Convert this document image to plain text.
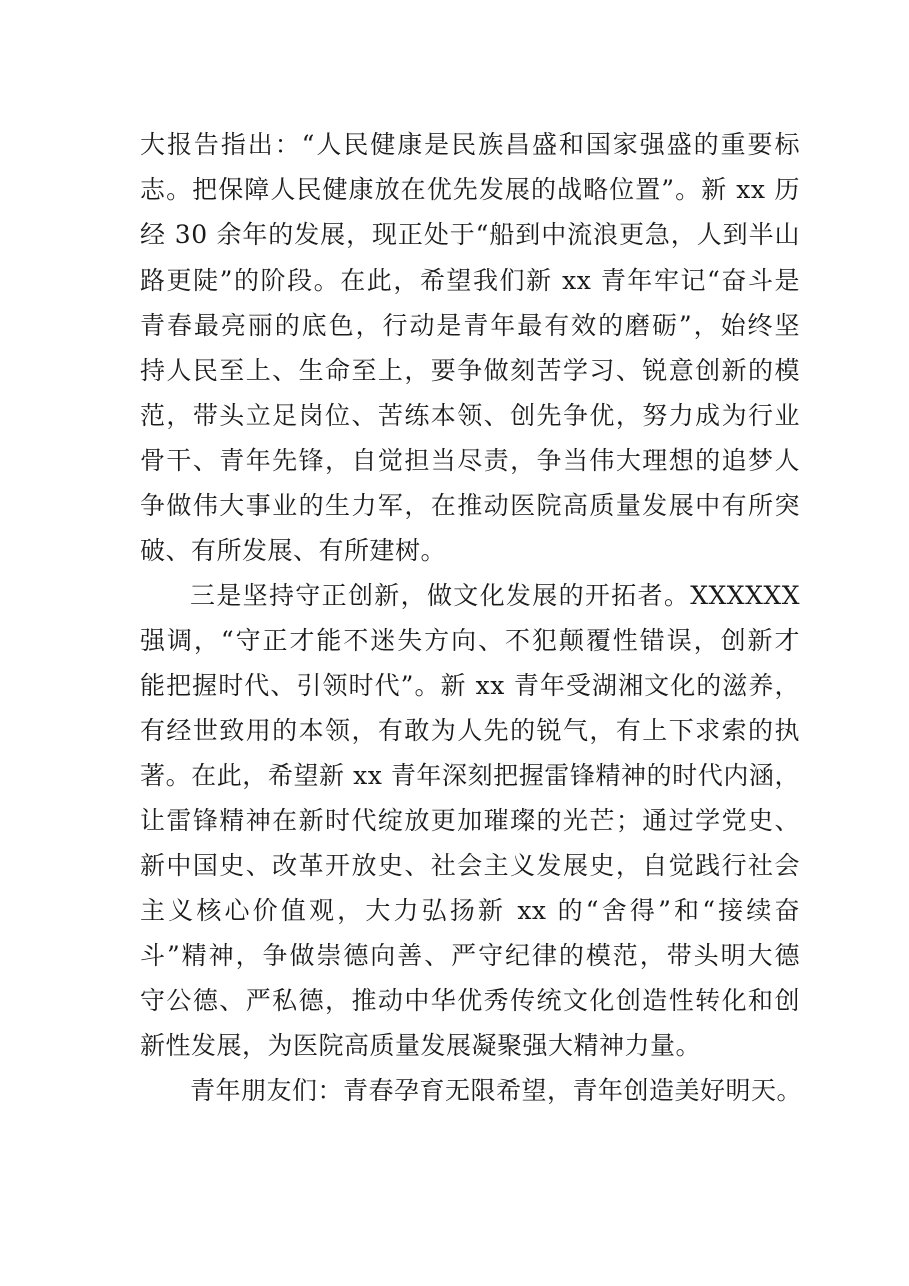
大报告指出：“人民健康是民族昌盛和国家强盛的重要标
志。把保障人民健康放在优先发展的战略位置”。新 xx 历
经 30 余年的发展，现正处于“船到中流浪更急，人到半山
路更陡”的阶段。在此，希望我们新 xx 青年牢记“奋斗是
青春最亮丽的底色，行动是青年最有效的磨砺”，始终坚
持人民至上、生命至上，要争做刻苦学习、锐意创新的模
范，带头立足岗位、苦练本领、创先争优，努力成为行业
骨干、青年先锋，自觉担当尽责，争当伟大理想的追梦人
争做伟大事业的生力军，在推动医院高质量发展中有所突
破、有所发展、有所建树。
三是坚持守正创新，做文化发展的开拓者。XXXXXX
强调，“守正才能不迷失方向、不犯颠覆性错误，创新才
能把握时代、引领时代”。新 xx 青年受湖湘文化的滋养，
有经世致用的本领，有敢为人先的锐气，有上下求索的执
著。在此，希望新 xx 青年深刻把握雷锋精神的时代内涵，
让雷锋精神在新时代绽放更加璀璨的光芒；通过学党史、
新中国史、改革开放史、社会主义发展史，自觉践行社会
主义核心价值观，大力弘扬新 xx 的“舍得”和“接续奋
斗”精神，争做崇德向善、严守纪律的模范，带头明大德
守公德、严私德，推动中华优秀传统文化创造性转化和创
新性发展，为医院高质量发展凝聚强大精神力量。
青年朋友们：青春孕育无限希望，青年创造美好明天。
